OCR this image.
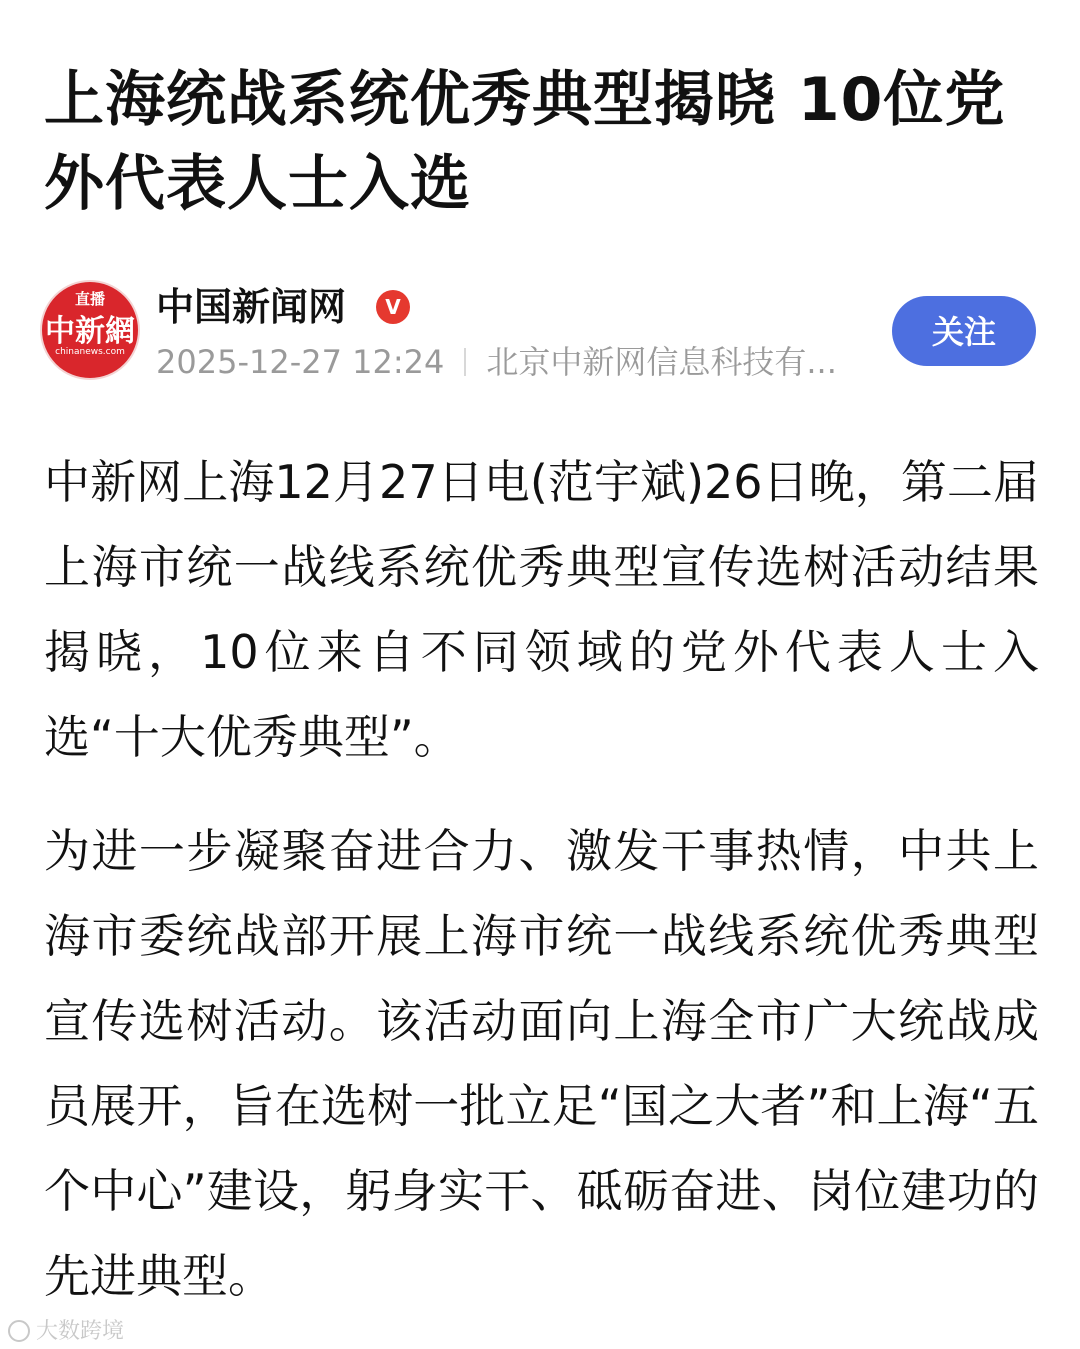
上海统战系统优秀典型揭晓 10位党外代表人士入选
直播
中新網
chinanews.com
中国新闻网	V
2025-12-27 12:24 北京中新网信息科技有...
关注

中新网上海12月27日电(范宇斌)26日晚，第二届上海市统一战线系统优秀典型宣传选树活动结果揭晓，10位来自不同领域的党外代表人士入选“十大优秀典型”。

为进一步凝聚奋进合力、激发干事热情，中共上海市委统战部开展上海市统一战线系统优秀典型宣传选树活动。该活动面向上海全市广大统战成员展开，旨在选树一批立足“国之大者”和上海“五个中心”建设，躬身实干、砥砺奋进、岗位建功的先进典型。

大数跨境
